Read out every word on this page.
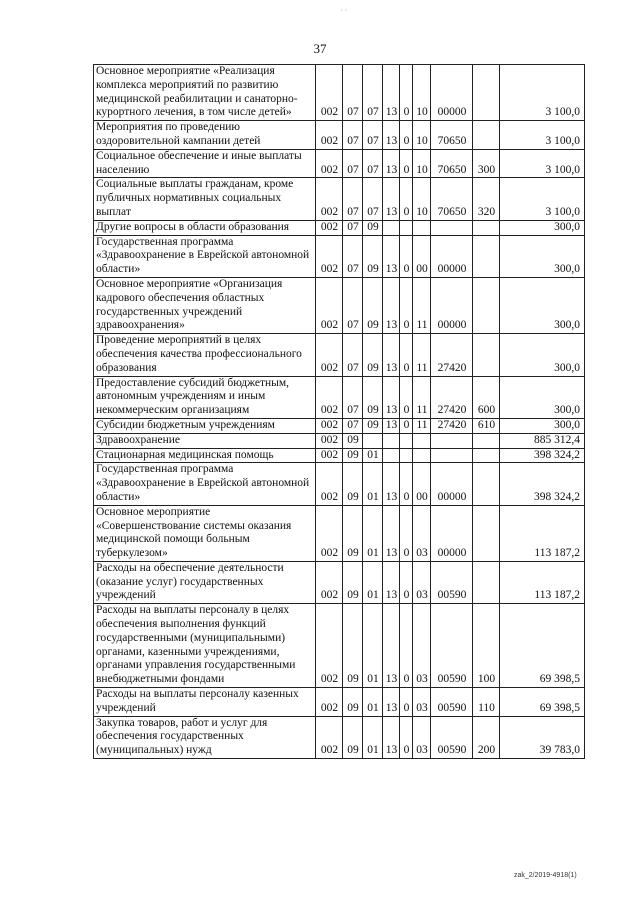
· ·
37
Основное мероприятие «Реализация комплекса мероприятий по развитию медицинской реабилитации и санаторно-курортного лечения, в том числе детей»	002	07	07	13	0	10	00000		3 100,0
Мероприятия по проведению оздоровительной кампании детей	002	07	07	13	0	10	70650		3 100,0
Социальное обеспечение и иные выплаты населению	002	07	07	13	0	10	70650	300	3 100,0
Социальные выплаты гражданам, кроме публичных нормативных социальных выплат	002	07	07	13	0	10	70650	320	3 100,0
Другие вопросы в области образования	002	07	09						300,0
Государственная программа «Здравоохранение в Еврейской автономной области»	002	07	09	13	0	00	00000		300,0
Основное мероприятие «Организация кадрового обеспечения областных государственных учреждений здравоохранения»	002	07	09	13	0	11	00000		300,0
Проведение мероприятий в целях обеспечения качества профессионального образования	002	07	09	13	0	11	27420		300,0
Предоставление субсидий бюджетным, автономным учреждениям и иным некоммерческим организациям	002	07	09	13	0	11	27420	600	300,0
Субсидии бюджетным учреждениям	002	07	09	13	0	11	27420	610	300,0
Здравоохранение	002	09							885 312,4
Стационарная медицинская помощь	002	09	01						398 324,2
Государственная программа «Здравоохранение в Еврейской автономной области»	002	09	01	13	0	00	00000		398 324,2
Основное мероприятие «Совершенствование системы оказания медицинской помощи больным туберкулезом»	002	09	01	13	0	03	00000		113 187,2
Расходы на обеспечение деятельности (оказание услуг) государственных учреждений	002	09	01	13	0	03	00590		113 187,2
Расходы на выплаты персоналу в целях обеспечения выполнения функций государственными (муниципальными) органами, казенными учреждениями, органами управления государственными внебюджетными фондами	002	09	01	13	0	03	00590	100	69 398,5
Расходы на выплаты персоналу казенных учреждений	002	09	01	13	0	03	00590	110	69 398,5
Закупка товаров, работ и услуг для обеспечения государственных (муниципальных) нужд	002	09	01	13	0	03	00590	200	39 783,0
zak_2/2019-4918(1)
